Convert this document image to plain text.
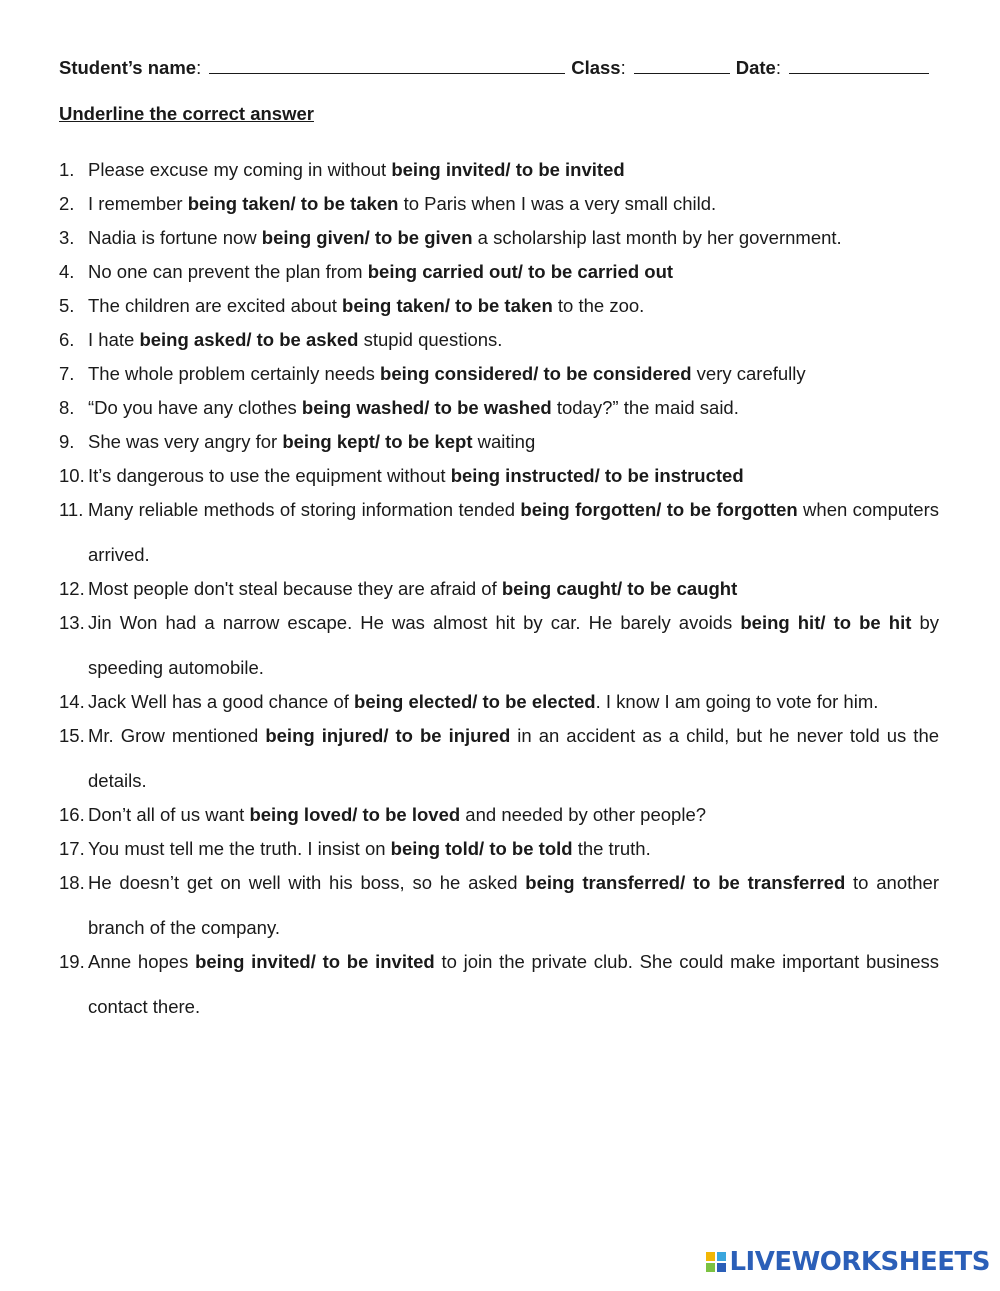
Student’s name :	Class :	Date :
Underline the correct answer
1. Please excuse my coming in without being invited/ to be invited
2. I remember being taken/ to be taken to Paris when I was a very small child.
3. Nadia is fortune now being given/ to be given a scholarship last month by her government.
4. No one can prevent the plan from being carried out/ to be carried out
5. The children are excited about being taken/ to be taken to the zoo.
6. I hate being asked/ to be asked stupid questions.
7. The whole problem certainly needs being considered/ to be considered very carefully
8. “Do you have any clothes being washed/ to be washed today?” the maid said.
9. She was very angry for being kept/ to be kept waiting
10. It’s dangerous to use the equipment without being instructed/ to be instructed
11. Many reliable methods of storing information tended being forgotten/ to be forgotten when computers arrived.
12. Most people don't steal because they are afraid of being caught/ to be caught
13. Jin Won had a narrow escape. He was almost hit by car. He barely avoids being hit/ to be hit by speeding automobile.
14. Jack Well has a good chance of being elected/ to be elected. I know I am going to vote for him.
15. Mr. Grow mentioned being injured/ to be injured in an accident as a child, but he never told us the details.
16. Don’t all of us want being loved/ to be loved and needed by other people?
17. You must tell me the truth. I insist on being told/ to be told the truth.
18. He doesn’t get on well with his boss, so he asked being transferred/ to be transferred to another branch of the company.
19. Anne hopes being invited/ to be invited to join the private club. She could make important business contact there.
LIVEWORKSHEETS
